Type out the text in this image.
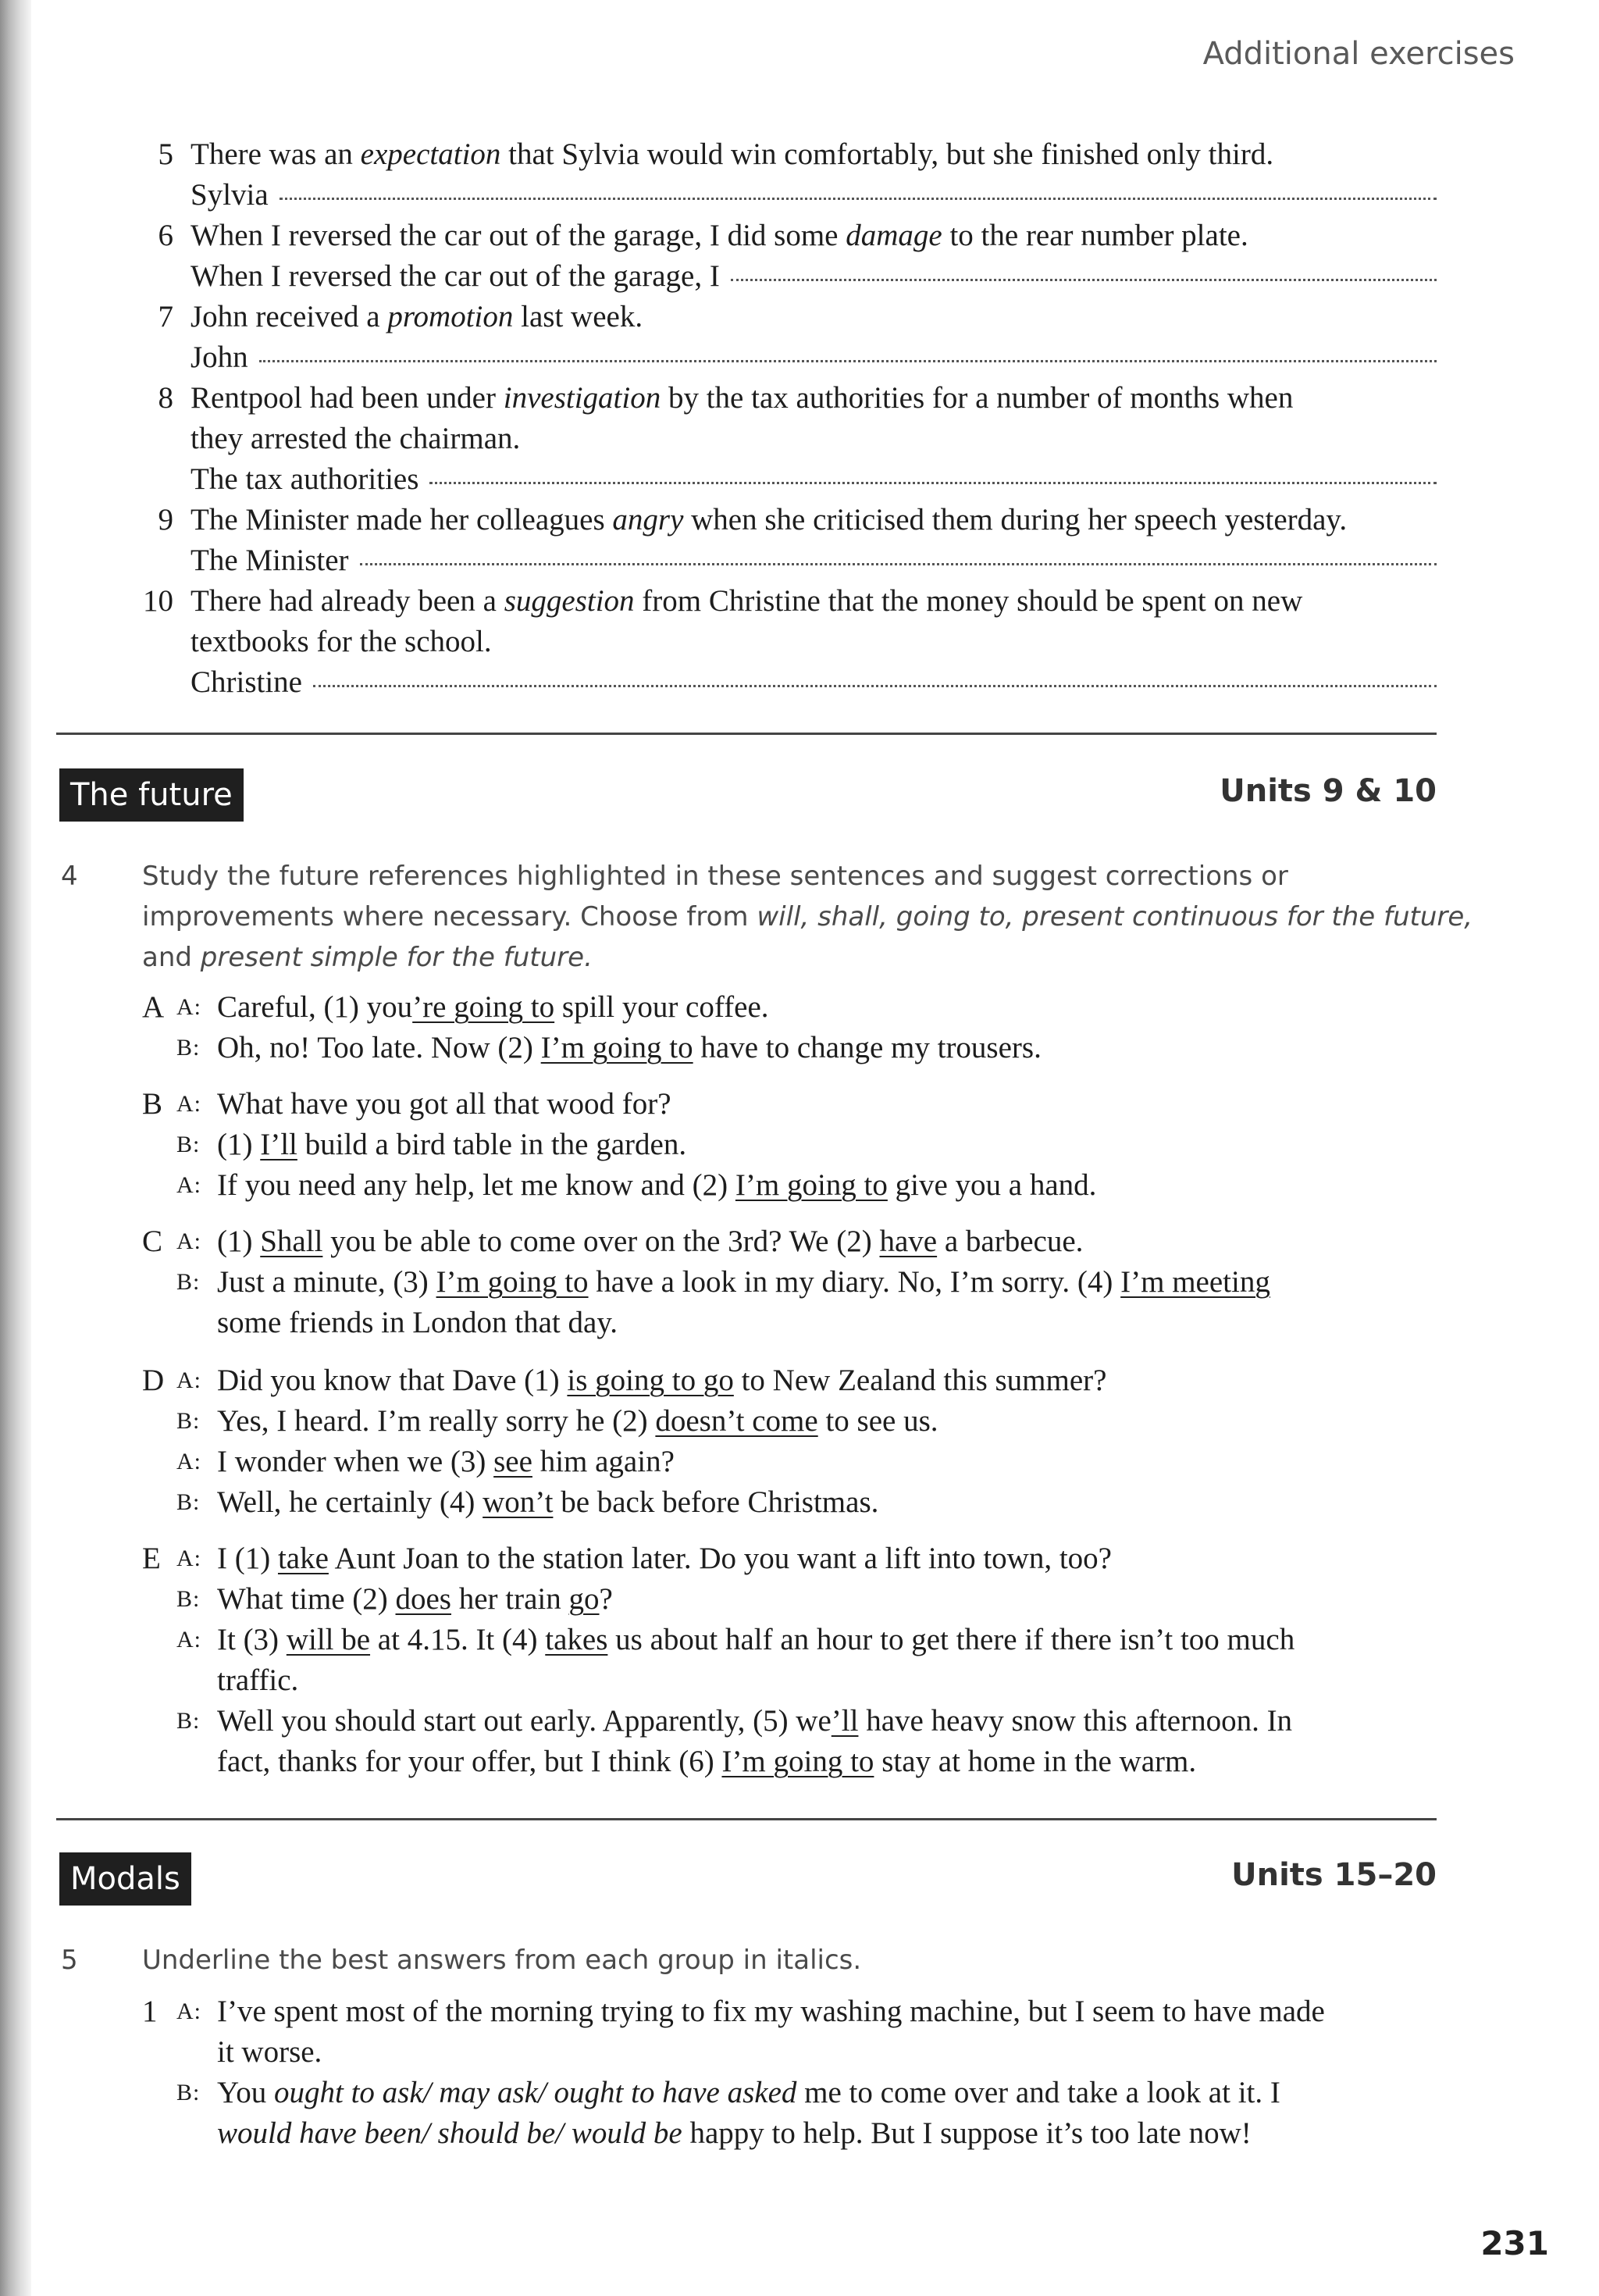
Additional exercises
5 There was an expectation that Sylvia would win comfortably, but she finished only third.
Sylvia
6 When I reversed the car out of the garage, I did some damage to the rear number plate.
When I reversed the car out of the garage, I
7 John received a promotion last week.
John
8 Rentpool had been under investigation by the tax authorities for a number of months when
they arrested the chairman.
The tax authorities
9 The Minister made her colleagues angry when she criticised them during her speech yesterday.
The Minister
10 There had already been a suggestion from Christine that the money should be spent on new
textbooks for the school.
Christine
The future	Units 9 & 10
4 Study the future references highlighted in these sentences and suggest corrections or
improvements where necessary. Choose from will, shall, going to, present continuous for the future,
and present simple for the future.
A A: Careful, (1) you’re going to spill your coffee.
B: Oh, no! Too late. Now (2) I’m going to have to change my trousers.
B A: What have you got all that wood for?
B: (1) I’ll build a bird table in the garden.
A: If you need any help, let me know and (2) I’m going to give you a hand.
C A: (1) Shall you be able to come over on the 3rd? We (2) have a barbecue.
B: Just a minute, (3) I’m going to have a look in my diary. No, I’m sorry. (4) I’m meeting
some friends in London that day.
D A: Did you know that Dave (1) is going to go to New Zealand this summer?
B: Yes, I heard. I’m really sorry he (2) doesn’t come to see us.
A: I wonder when we (3) see him again?
B: Well, he certainly (4) won’t be back before Christmas.
E A: I (1) take Aunt Joan to the station later. Do you want a lift into town, too?
B: What time (2) does her train go?
A: It (3) will be at 4.15. It (4) takes us about half an hour to get there if there isn’t too much
traffic.
B: Well you should start out early. Apparently, (5) we’ll have heavy snow this afternoon. In
fact, thanks for your offer, but I think (6) I’m going to stay at home in the warm.
Modals	Units 15–20
5 Underline the best answers from each group in italics.
1 A: I’ve spent most of the morning trying to fix my washing machine, but I seem to have made
it worse.
B: You ought to ask/ may ask/ ought to have asked me to come over and take a look at it. I
would have been/ should be/ would be happy to help. But I suppose it’s too late now!
231
